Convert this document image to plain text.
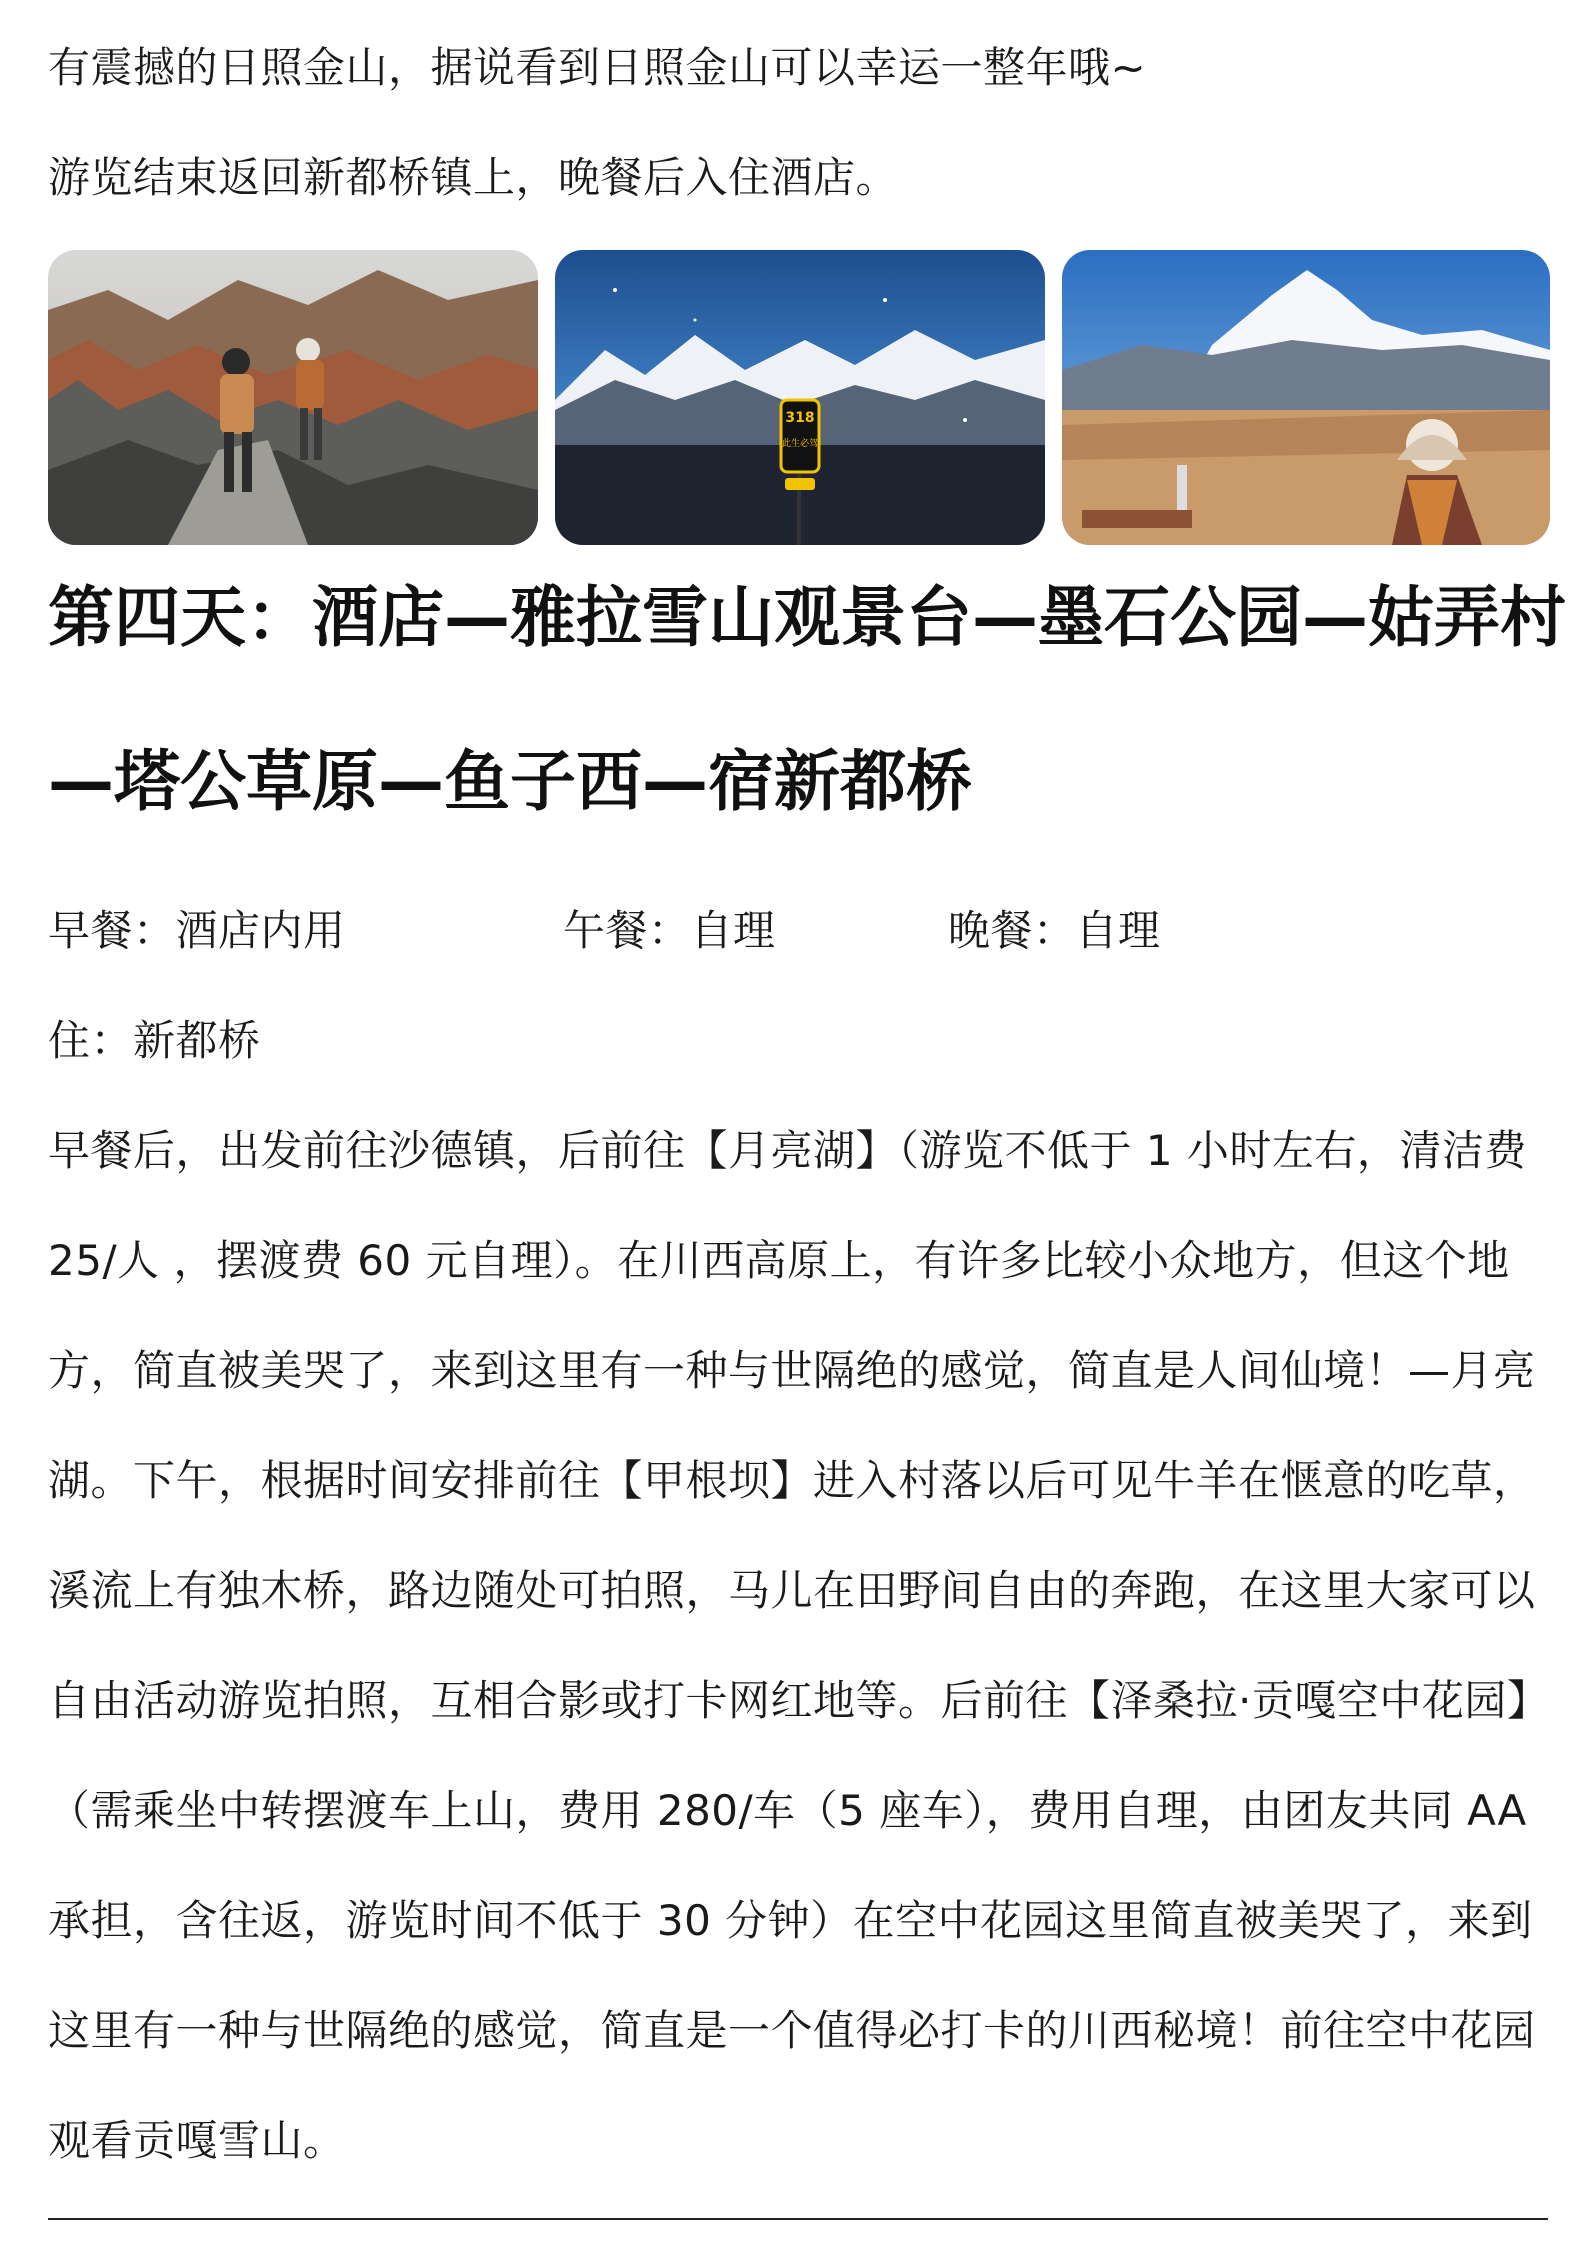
有震撼的日照金山，据说看到日照金山可以幸运一整年哦~
游览结束返回新都桥镇上，晚餐后入住酒店。
318
此生必驾
第四天：酒店—雅拉雪山观景台—墨石公园—姑弄村
—塔公草原—鱼子西—宿新都桥
早餐：酒店内用	午餐：自理	晚餐：自理
住：新都桥
早餐后，出发前往沙德镇，后前往【月亮湖】（游览不低于 1 小时左右，清洁费
25/人 ，摆渡费 60 元自理）。在川西高原上，有许多比较小众地方，但这个地
方，简直被美哭了，来到这里有一种与世隔绝的感觉，简直是人间仙境！—月亮
湖。下午，根据时间安排前往【甲根坝】进入村落以后可见牛羊在惬意的吃草，
溪流上有独木桥，路边随处可拍照，马儿在田野间自由的奔跑，在这里大家可以
自由活动游览拍照，互相合影或打卡网红地等。后前往【泽桑拉·贡嘎空中花园】
（需乘坐中转摆渡车上山，费用 280/车（5 座车），费用自理，由团友共同 AA
承担，含往返，游览时间不低于 30 分钟）在空中花园这里简直被美哭了，来到
这里有一种与世隔绝的感觉，简直是一个值得必打卡的川西秘境！前往空中花园
观看贡嘎雪山。
